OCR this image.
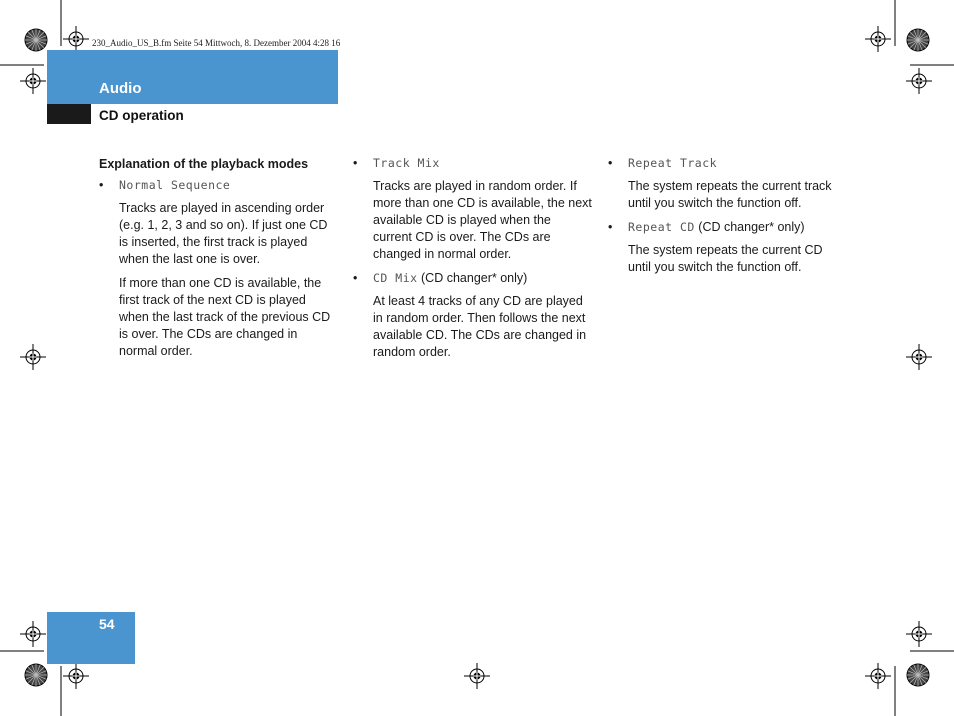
230_Audio_US_B.fm Seite 54 Mittwoch, 8. Dezember 2004 4:28 16
Audio
CD operation
Explanation of the playback modes
• Normal Sequence

Tracks are played in ascending order (e.g. 1, 2, 3 and so on). If just one CD is inserted, the first track is played when the last one is over.

If more than one CD is available, the first track of the next CD is played when the last track of the previous CD is over. The CDs are changed in normal order.

• Track Mix

Tracks are played in random order. If more than one CD is available, the next available CD is played when the current CD is over. The CDs are changed in normal order.

• CD Mix (CD changer* only)

At least 4 tracks of any CD are played in random order. Then follows the next available CD. The CDs are changed in random order.

• Repeat Track

The system repeats the current track until you switch the function off.

• Repeat CD (CD changer* only)

The system repeats the current CD until you switch the function off.

54
